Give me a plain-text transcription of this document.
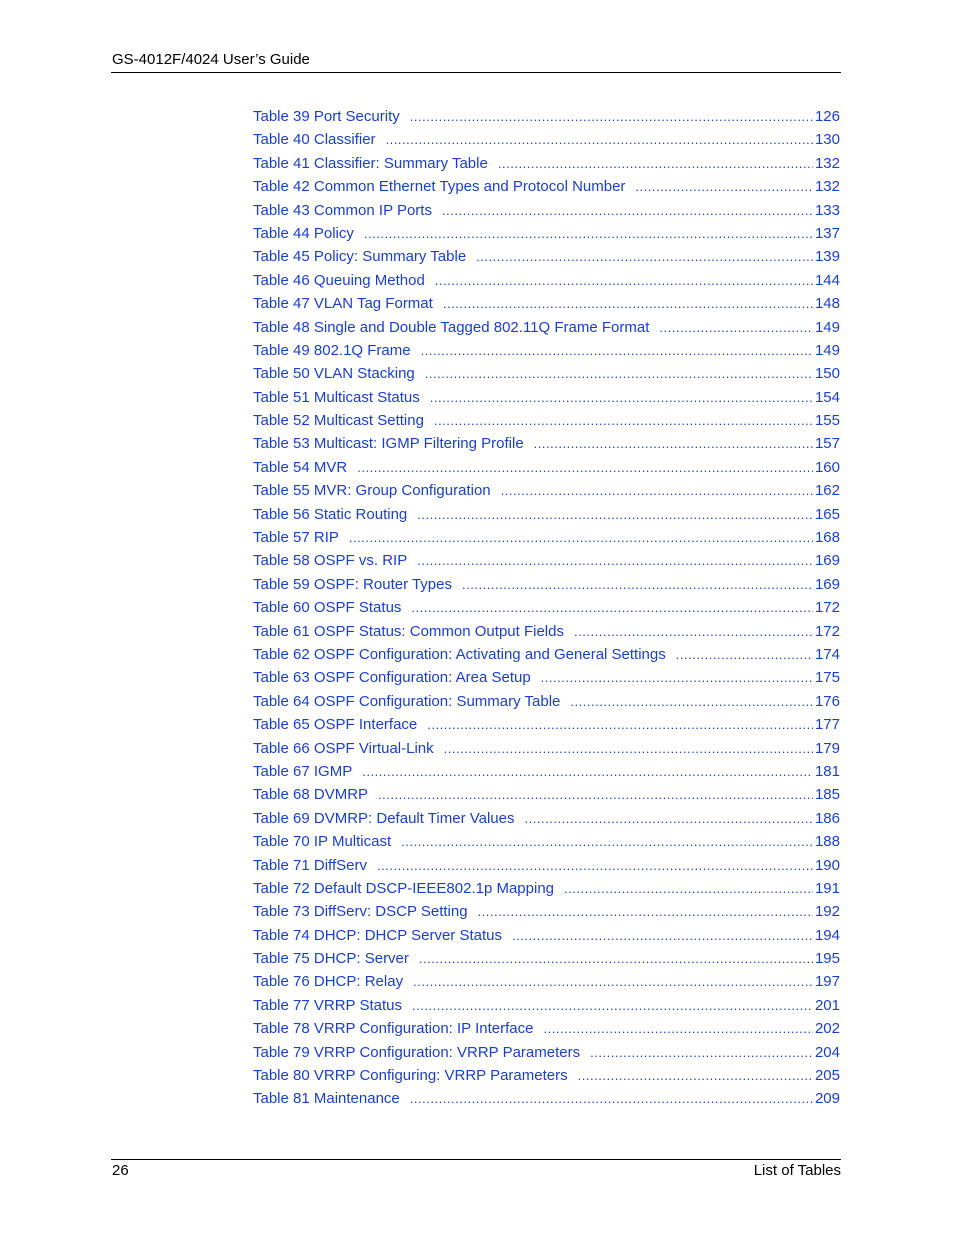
GS-4012F/4024 User’s Guide
Table 39 Port Security . . .	126
Table 40 Classifier . . .	130
Table 41 Classifier: Summary Table . . .	132
Table 42 Common Ethernet Types and Protocol Number . . .	132
Table 43 Common IP Ports . . .	133
Table 44 Policy . . .	137
Table 45 Policy: Summary Table . . .	139
Table 46 Queuing Method . . .	144
Table 47 VLAN Tag Format . . .	148
Table 48 Single and Double Tagged 802.11Q Frame Format . . .	149
Table 49 802.1Q Frame . . .	149
Table 50 VLAN Stacking . . .	150
Table 51 Multicast Status . . .	154
Table 52 Multicast Setting . . .	155
Table 53 Multicast: IGMP Filtering Profile . . .	157
Table 54 MVR . . .	160
Table 55 MVR: Group Configuration . . .	162
Table 56 Static Routing . . .	165
Table 57 RIP . . .	168
Table 58 OSPF vs. RIP . . .	169
Table 59 OSPF: Router Types . . .	169
Table 60 OSPF Status . . .	172
Table 61 OSPF Status: Common Output Fields . . .	172
Table 62 OSPF Configuration: Activating and General Settings . . .	174
Table 63 OSPF Configuration: Area Setup . . .	175
Table 64 OSPF Configuration: Summary Table . . .	176
Table 65 OSPF Interface . . .	177
Table 66 OSPF Virtual-Link . . .	179
Table 67 IGMP . . .	181
Table 68 DVMRP . . .	185
Table 69 DVMRP: Default Timer Values . . .	186
Table 70 IP Multicast . . .	188
Table 71 DiffServ . . .	190
Table 72 Default DSCP-IEEE802.1p Mapping . . .	191
Table 73 DiffServ: DSCP Setting . . .	192
Table 74 DHCP: DHCP Server Status . . .	194
Table 75 DHCP: Server . . .	195
Table 76 DHCP: Relay . . .	197
Table 77 VRRP Status . . .	201
Table 78 VRRP Configuration: IP Interface . . .	202
Table 79 VRRP Configuration: VRRP Parameters . . .	204
Table 80 VRRP Configuring: VRRP Parameters . . .	205
Table 81 Maintenance . . .	209
26	List of Tables
